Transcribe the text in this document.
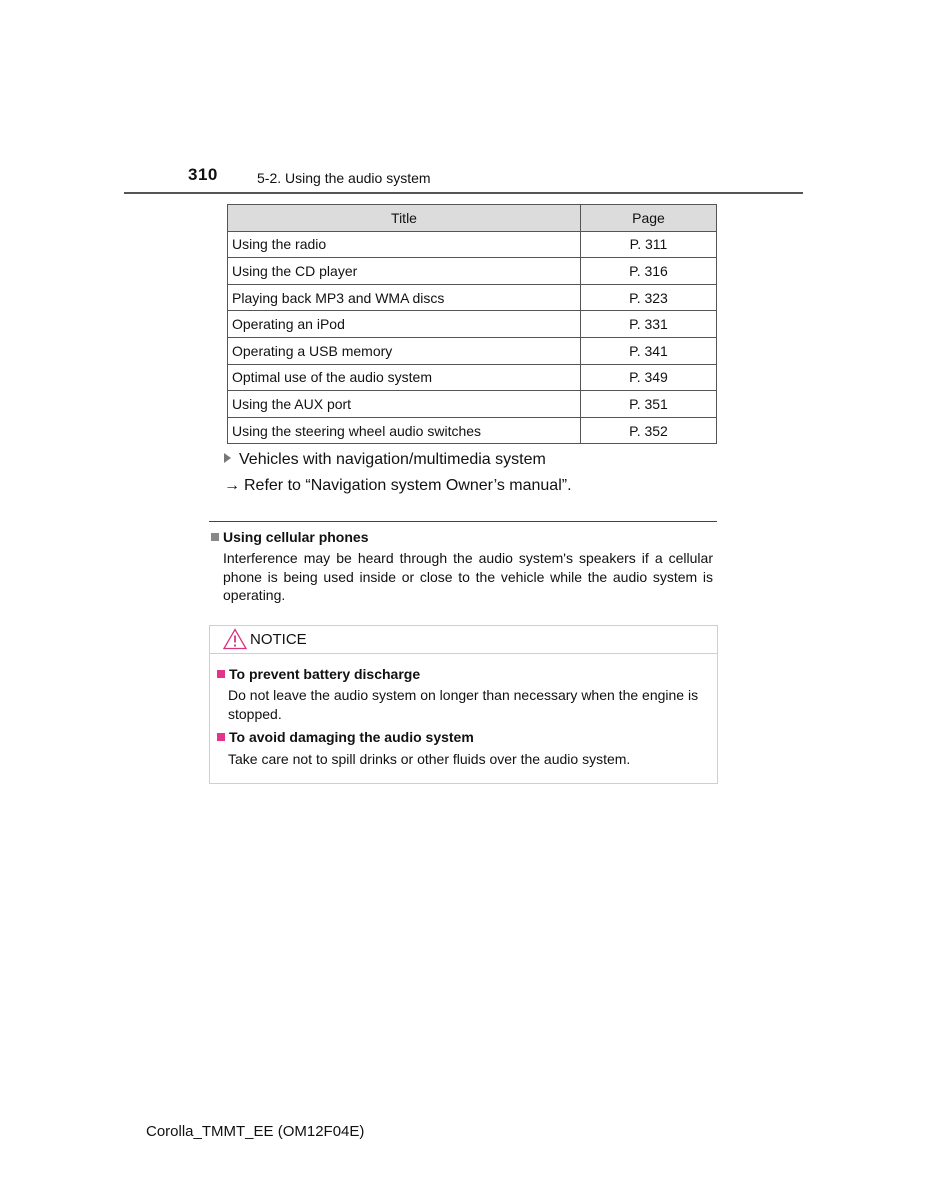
310	5-2. Using the audio system
Title	Page
Using the radio	P. 311
Using the CD player	P. 316
Playing back MP3 and WMA discs	P. 323
Operating an iPod	P. 331
Operating a USB memory	P. 341
Optimal use of the audio system	P. 349
Using the AUX port	P. 351
Using the steering wheel audio switches	P. 352
Vehicles with navigation/multimedia system
→ Refer to “Navigation system Owner’s manual”.
Using cellular phones
Interference may be heard through the audio system's speakers if a cellular phone is being used inside or close to the vehicle while the audio system is operating.
NOTICE
To prevent battery discharge
Do not leave the audio system on longer than necessary when the engine is stopped.
To avoid damaging the audio system
Take care not to spill drinks or other fluids over the audio system.
Corolla_TMMT_EE (OM12F04E)
